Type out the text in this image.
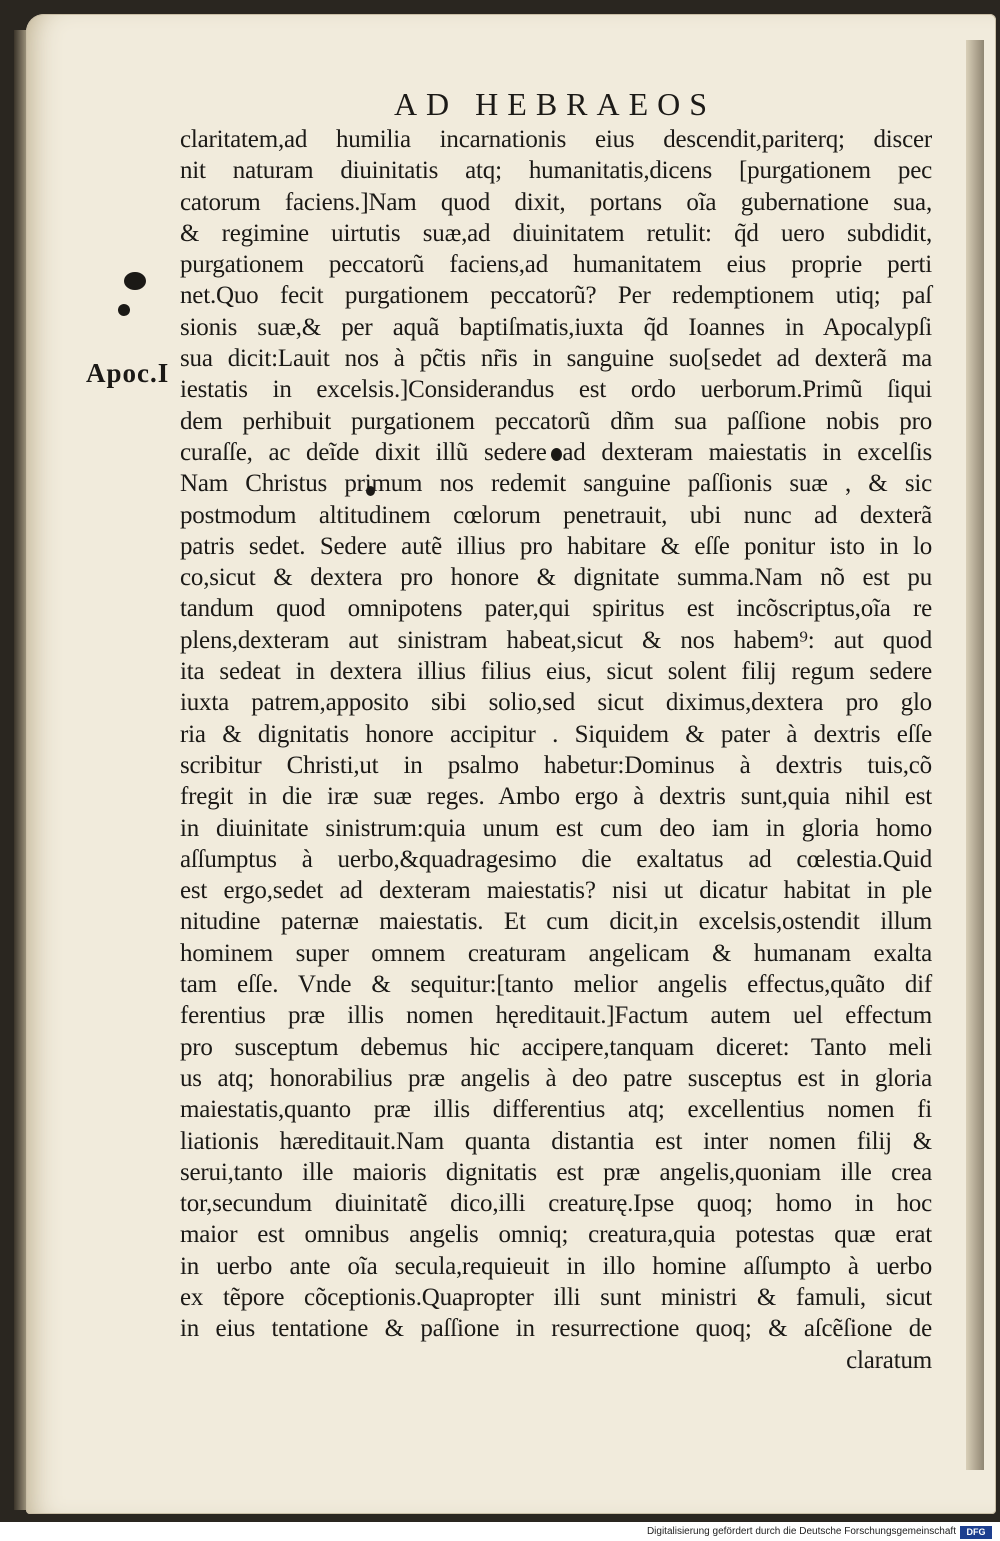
AD HEBRAEOS
Apoc.I
claritatem,ad humilia incarnationis eius descendit,pariterq; discer
nit naturam diuinitatis atq; humanitatis,dicens [purgationem pec
catorum faciens.]Nam quod dixit, portans oĩa gubernatione sua,
& regimine uirtutis suæ,ad diuinitatem retulit: q̃d uero subdidit,
purgationem peccatorũ faciens,ad humanitatem eius proprie perti
net.Quo fecit purgationem peccatorũ? Per redemptionem utiq; paſ
sionis suæ,& per aquã baptiſmatis,iuxta q̃d Ioannes in Apocalypſi
sua dicit:Lauit nos à pc̃tis nr̃is in sanguine suo[sedet ad dexterã ma
iestatis in excelsis.]Considerandus est ordo uerborum.Primũ ſiqui
dem perhibuit purgationem peccatorũ dñm sua paſſione nobis pro
curaſſe, ac deĩde dixit illũ sedere ad dexteram maiestatis in excelſis
Nam Christus primum nos redemit sanguine paſſionis suæ , & sic
postmodum altitudinem cœlorum penetrauit, ubi nunc ad dexterã
patris sedet. Sedere autẽ illius pro habitare & eſſe ponitur isto in lo
co,sicut & dextera pro honore & dignitate summa.Nam nõ est pu
tandum quod omnipotens pater,qui spiritus est incõscriptus,oĩa re
plens,dexteram aut sinistram habeat,sicut & nos habem⁹: aut quod
ita sedeat in dextera illius filius eius, sicut solent filij regum sedere
iuxta patrem,apposito sibi solio,sed sicut diximus,dextera pro glo
ria & dignitatis honore accipitur . Siquidem & pater à dextris eſſe
scribitur Christi,ut in psalmo habetur:Dominus à dextris tuis,cõ
fregit in die iræ suæ reges. Ambo ergo à dextris sunt,quia nihil est
in diuinitate sinistrum:quia unum est cum deo iam in gloria homo
aſſumptus à uerbo,&quadragesimo die exaltatus ad cœlestia.Quid
est ergo,sedet ad dexteram maiestatis? nisi ut dicatur habitat in ple
nitudine paternæ maiestatis. Et cum dicit,in excelsis,ostendit illum
hominem super omnem creaturam angelicam & humanam exalta
tam eſſe. Vnde & sequitur:[tanto melior angelis effectus,quãto dif
ferentius præ illis nomen hęreditauit.]Factum autem uel effectum
pro susceptum debemus hic accipere,tanquam diceret: Tanto meli
us atq; honorabilius præ angelis à deo patre susceptus est in gloria
maiestatis,quanto præ illis differentius atq; excellentius nomen fi
liationis hæreditauit.Nam quanta distantia est inter nomen filij &
serui,tanto ille maioris dignitatis est præ angelis,quoniam ille crea
tor,secundum diuinitatẽ dico,illi creaturę.Ipse quoq; homo in hoc
maior est omnibus angelis omniq; creatura,quia potestas quæ erat
in uerbo ante oĩa secula,requieuit in illo homine aſſumpto à uerbo
ex tẽpore cõceptionis.Quapropter illi sunt ministri & famuli, sicut
in eius tentatione & paſſione in resurrectione quoq; & aſcẽſione de
claratum
Digitalisierung gefördert durch die Deutsche Forschungsgemeinschaft	DFG
